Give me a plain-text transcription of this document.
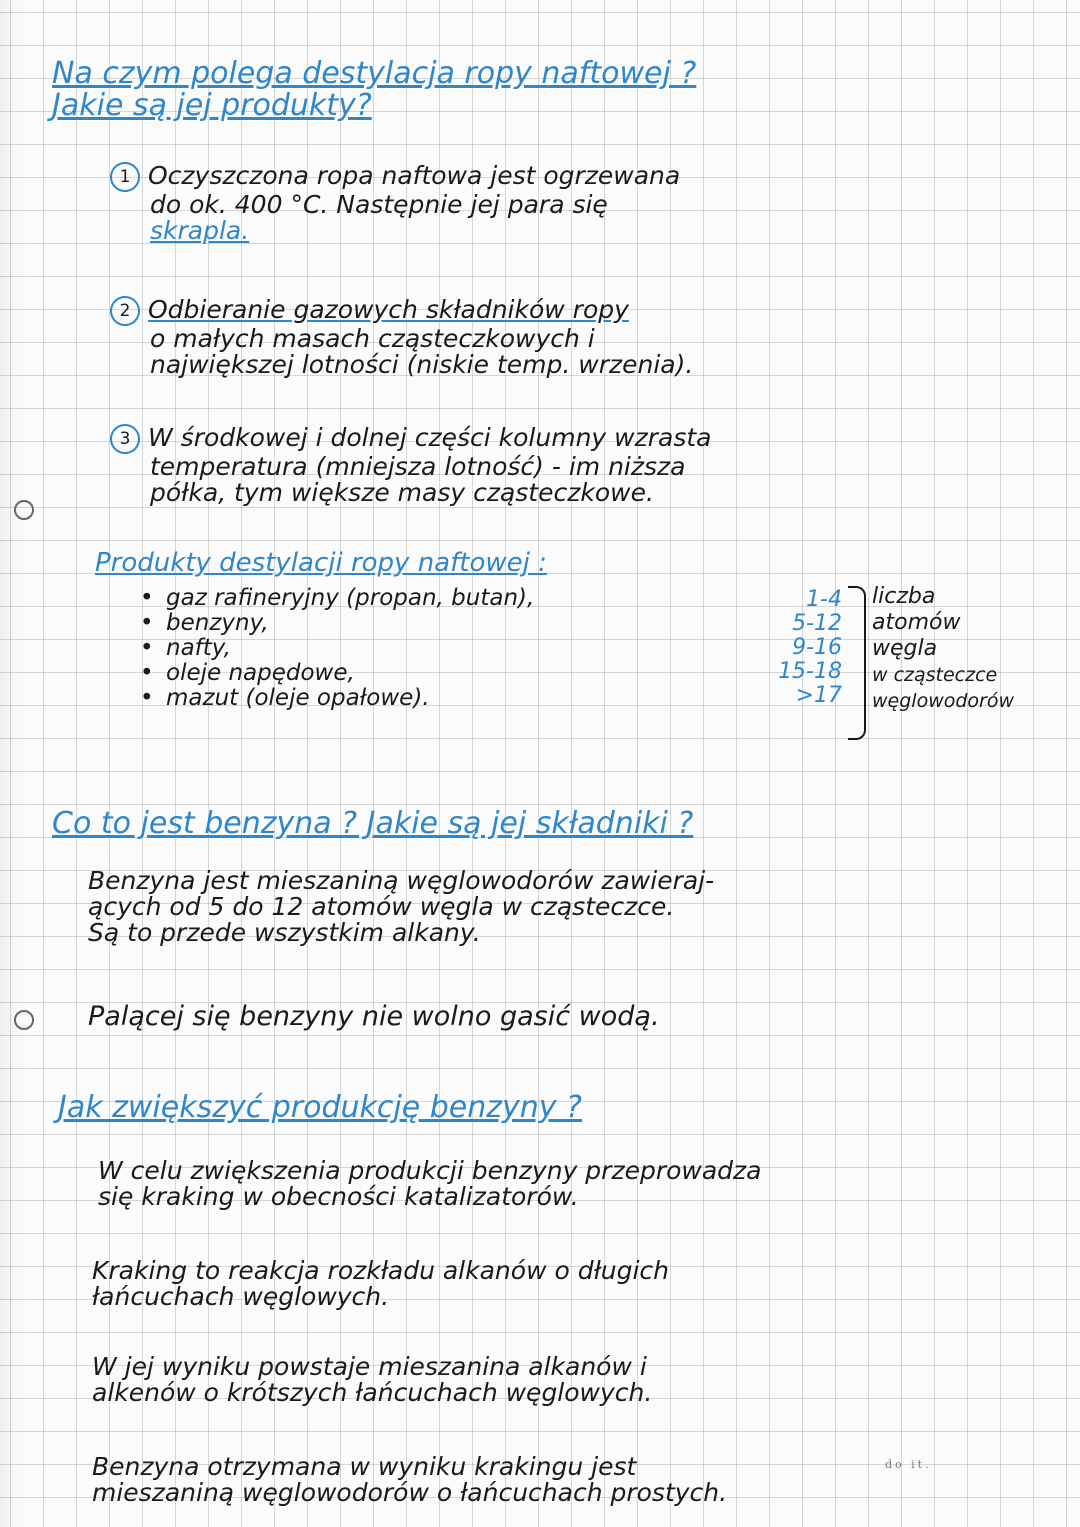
Na czym polega destylacja ropy naftowej ?
Jakie są jej produkty?
1 Oczyszczona ropa naftowa jest ogrzewana
do ok. 400 °C. Następnie jej para się
skrapla.
2 Odbieranie gazowych składników ropy
o małych masach cząsteczkowych i
największej lotności (niskie temp. wrzenia).
3 W środkowej i dolnej części kolumny wzrasta
temperatura (mniejsza lotność) - im niższa
półka, tym większe masy cząsteczkowe.
Produkty destylacji ropy naftowej :
• gaz rafineryjny (propan, butan),
• benzyny,
• nafty,
• oleje napędowe,
• mazut (oleje opałowe).
1-4
5-12
9-16
15-18
>17
liczba
atomów
węgla
w cząsteczce
węglowodorów
Co to jest benzyna ? Jakie są jej składniki ?
Benzyna jest mieszaniną węglowodorów zawieraj-
ących od 5 do 12 atomów węgla w cząsteczce.
Są to przede wszystkim alkany.
Palącej się benzyny nie wolno gasić wodą.
Jak zwiększyć produkcję benzyny ?
W celu zwiększenia produkcji benzyny przeprowadza
się kraking w obecności katalizatorów.
Kraking to reakcja rozkładu alkanów o długich
łańcuchach węglowych.
W jej wyniku powstaje mieszanina alkanów i
alkenów o krótszych łańcuchach węglowych.
Benzyna otrzymana w wyniku krakingu jest
mieszaniną węglowodorów o łańcuchach prostych.
do it.
